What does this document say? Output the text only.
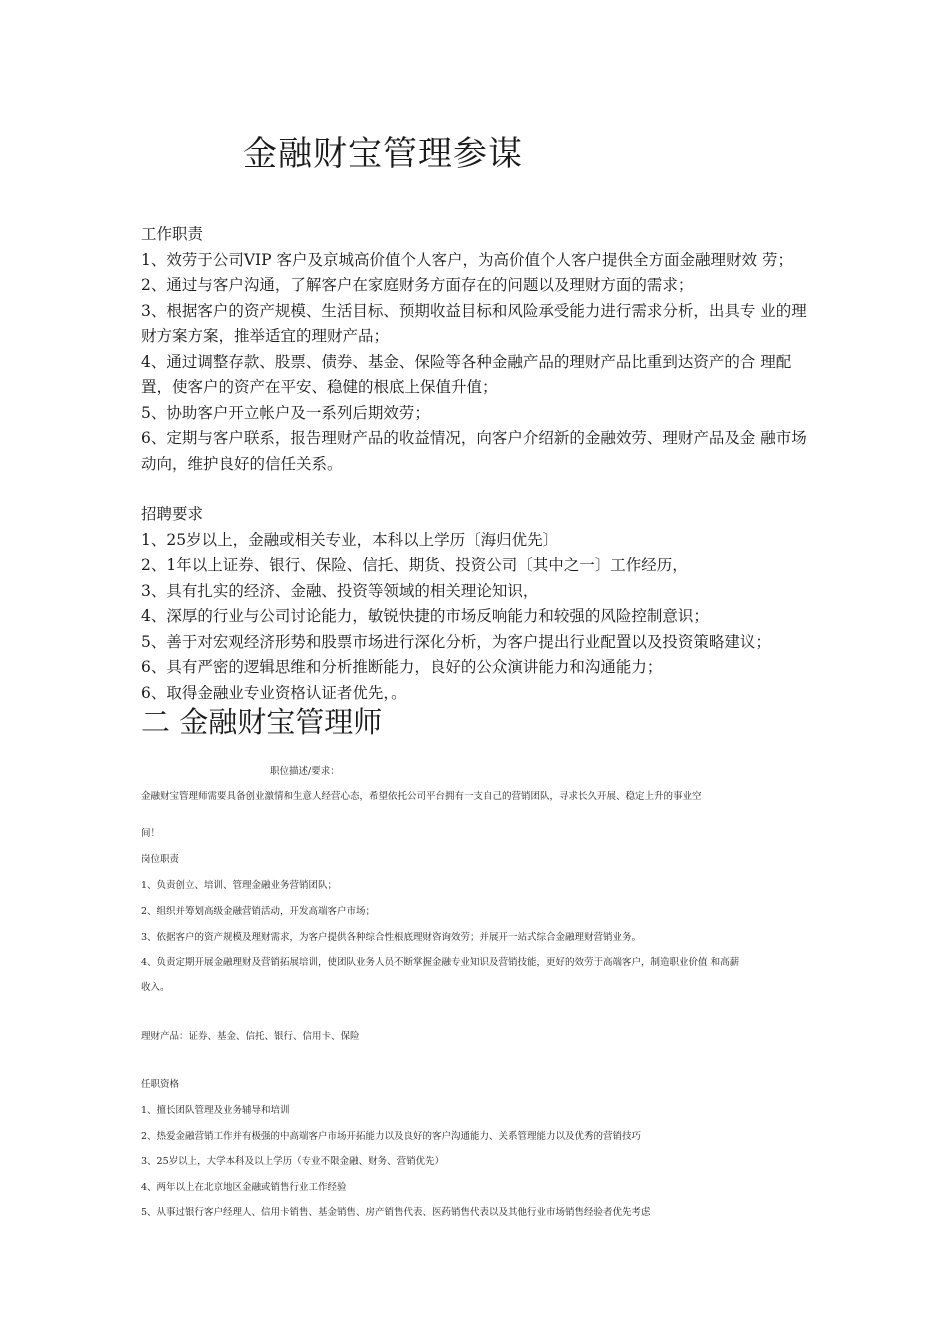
金融财宝管理参谋

工作职责

1、效劳于公司VIP 客户及京城高价值个人客户，为高价值个人客户提供全方面金融理财效 劳；

2、通过与客户沟通，了解客户在家庭财务方面存在的问题以及理财方面的需求；

3、根据客户的资产规模、生活目标、预期收益目标和风险承受能力进行需求分析，出具专 业的理财方案方案，推举适宜的理财产品；

4、通过调整存款、股票、债券、基金、保险等各种金融产品的理财产品比重到达资产的合 理配置，使客户的资产在平安、稳健的根底上保值升值；

5、协助客户开立帐户及一系列后期效劳；

6、定期与客户联系，报告理财产品的收益情况，向客户介绍新的金融效劳、理财产品及金 融市场动向，维护良好的信任关系。

招聘要求

1、25岁以上，金融或相关专业，本科以上学历〔海归优先〕

2、1年以上证券、银行、保险、信托、期货、投资公司〔其中之一〕工作经历，

3、具有扎实的经济、金融、投资等领域的相关理论知识，

4、深厚的行业与公司讨论能力，敏锐快捷的市场反响能力和较强的风险控制意识；

5、善于对宏观经济形势和股票市场进行深化分析，为客户提出行业配置以及投资策略建议；

6、具有严密的逻辑思维和分析推断能力，良好的公众演讲能力和沟通能力；

6、取得金融业专业资格认证者优先，。

二 金融财宝管理师
职位描述/要求：
金融财宝管理师需要具备创业激情和生意人经营心态，希望依托公司平台拥有一支自己的营销团队，寻求长久开展、稳定上升的事业空
间！
岗位职责
1、负责创立、培训、管理金融业务营销团队；
2、组织并筹划高级金融营销活动，开发高端客户市场；
3、依据客户的资产规模及理财需求，为客户提供各种综合性根底理财咨询效劳；并展开一站式综合金融理财营销业务。
4、负责定期开展金融理财及营销拓展培训，使团队业务人员不断掌握金融专业知识及营销技能，更好的效劳于高端客户，制造职业价值 和高薪
收入。
理财产品：证券、基金、信托、银行、信用卡、保险
任职资格
1、擅长团队管理及业务辅导和培训
2、热爱金融营销工作并有极强的中高端客户市场开拓能力以及良好的客户沟通能力、关系管理能力以及优秀的营销技巧
3、25岁以上，大学本科及以上学历（专业不限金融、财务、营销优先）
4、两年以上在北京地区金融或销售行业工作经验
5、从事过银行客户经理人、信用卡销售、基金销售、房产销售代表、医药销售代表以及其他行业市场销售经验者优先考虑
